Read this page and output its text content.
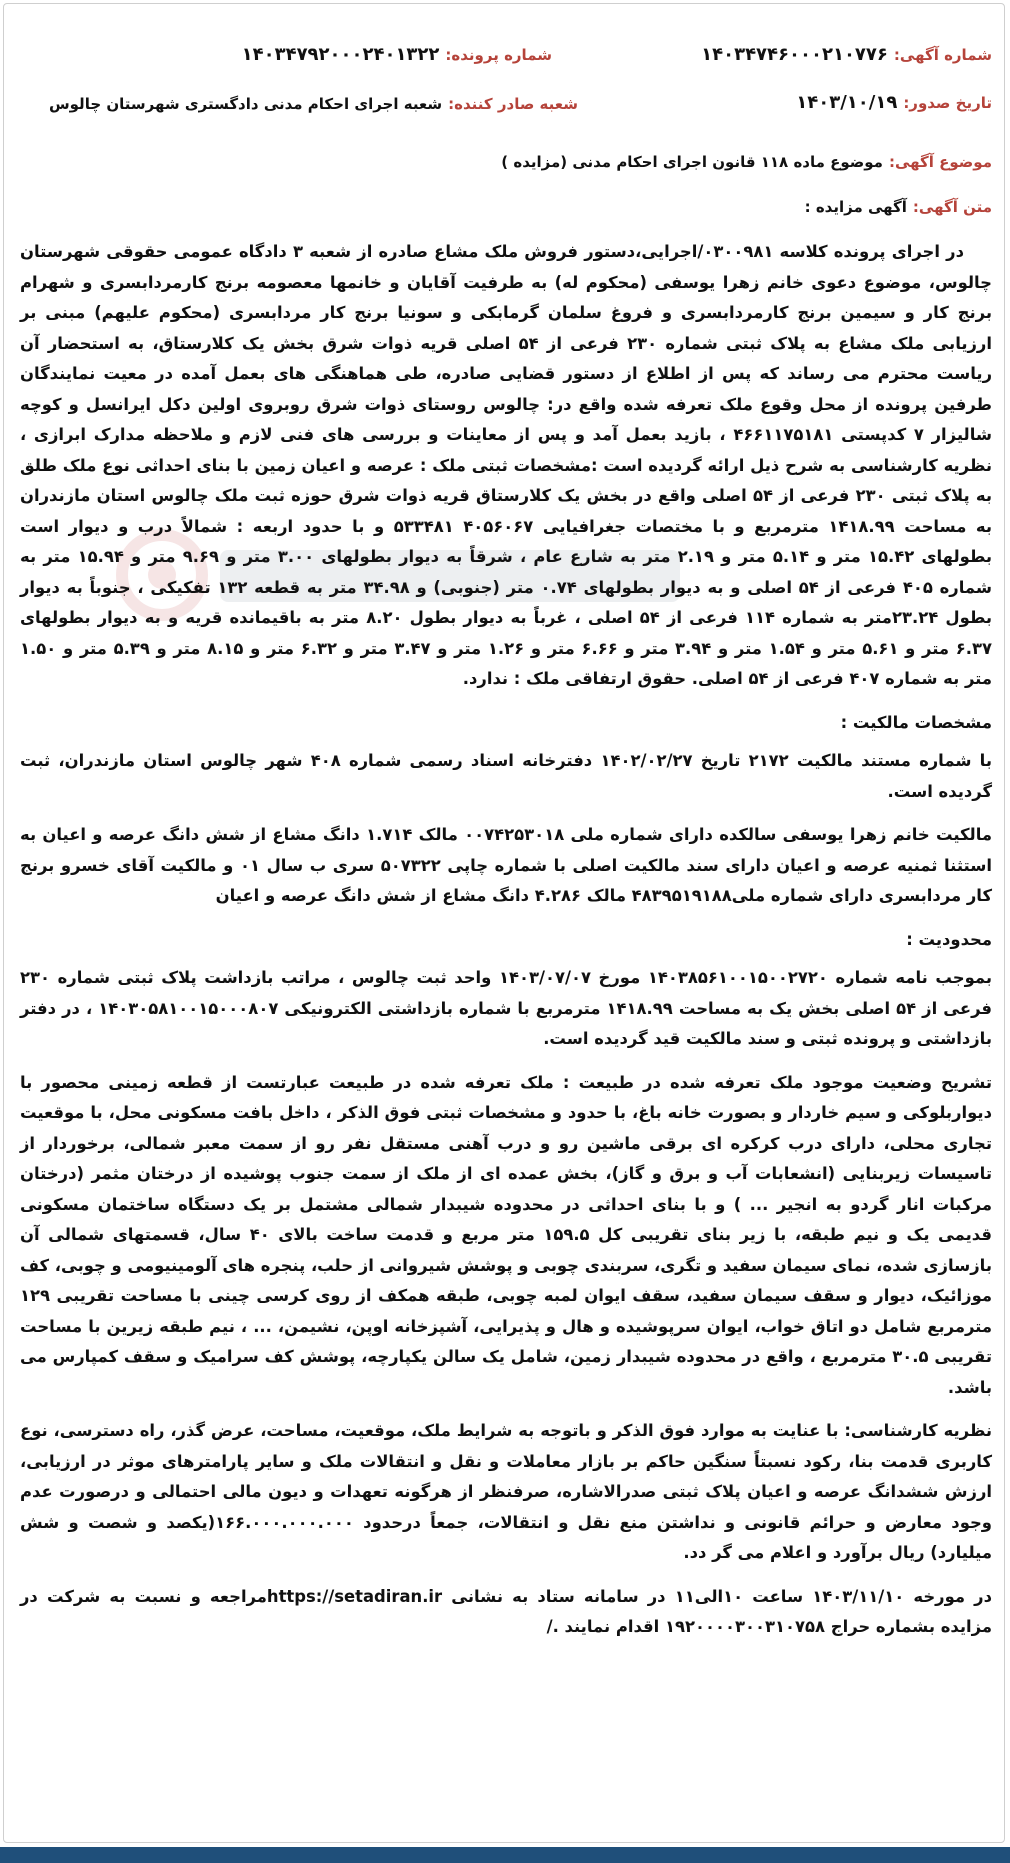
شماره آگهی:۱۴۰۳۴۷۴۶۰۰۰۲۱۰۷۷۶
شماره پرونده:۱۴۰۳۴۷۹۲۰۰۰۲۴۰۱۳۲۲
تاریخ صدور:۱۴۰۳/۱۰/۱۹
شعبه صادر کننده:شعبه اجرای احکام مدنی دادگستری شهرستان چالوس
موضوع آگهی:موضوع ماده ۱۱۸ قانون اجرای احکام مدنی (مزایده )
متن آگهی:آگهی مزایده :

در اجرای پرونده کلاسه ۰۳۰۰۹۸۱/اجرایی،دستور فروش ملک مشاع صادره از شعبه ۳ دادگاه عمومی حقوقی شهرستان چالوس، موضوع دعوی خانم زهرا یوسفی (محکوم له) به طرفیت آقایان و خانمها معصومه برنج کارمردابسری و شهرام برنج کار و سیمین برنج کارمردابسری و فروغ سلمان گرمابکی و سونیا برنج کار مردابسری (محکوم علیهم) مبنی بر ارزیابی ملک مشاع به پلاک ثبتی شماره ۲۳۰ فرعی از ۵۴ اصلی قریه ذوات شرق بخش یک کلارستاق، به استحضار آن ریاست محترم می رساند که پس از اطلاع از دستور قضایی صادره، طی هماهنگی های بعمل آمده در معیت نمایندگان طرفین پرونده از محل وقوع ملک تعرفه شده واقع در: چالوس روستای ذوات شرق روبروی اولین دکل ایرانسل و کوچه شالیزار ۷ کدپستی ۴۶۶۱۱۷۵۱۸۱ ، بازید بعمل آمد و پس از معاینات و بررسی های فنی لازم و ملاحظه مدارک ابرازی ، نظریه کارشناسی به شرح ذیل ارائه گردیده است :مشخصات ثبتی ملک : عرصه و اعیان زمین با بنای احداثی نوع ملک طلق به پلاک ثبتی ۲۳۰ فرعی از ۵۴ اصلی واقع در بخش یک کلارستاق قریه ذوات شرق حوزه ثبت ملک چالوس استان مازندران به مساحت ۱۴۱۸.۹۹ مترمربع و با مختصات جغرافیایی ۴۰۵۶۰۶۷ ۵۳۳۴۸۱ و با حدود اربعه : شمالاً درب و دیوار است بطولهای ۱۵.۴۲ متر و ۵.۱۴ متر و ۲.۱۹ متر به شارع عام ، شرقاً به دیوار بطولهای ۳.۰۰ متر و ۹.۶۹ متر و ۱۵.۹۴ متر به شماره ۴۰۵ فرعی از ۵۴ اصلی و به دیوار بطولهای ۰.۷۴ متر (جنوبی) و ۳۴.۹۸ متر به قطعه ۱۳۲ تفکیکی ، جنوباً به دیوار بطول ۲۳.۲۴متر به شماره ۱۱۴ فرعی از ۵۴ اصلی ، غرباً به دیوار بطول ۸.۲۰ متر به باقیمانده قریه و به دیوار بطولهای ۶.۳۷ متر و ۵.۶۱ متر و ۱.۵۴ متر و ۳.۹۴ متر و ۶.۶۶ متر و ۱.۲۶ متر و ۳.۴۷ متر و ۶.۳۲ متر و ۸.۱۵ متر و ۵.۳۹ متر و ۱.۵۰ متر به شماره ۴۰۷ فرعی از ۵۴ اصلی. حقوق ارتفاقی ملک : ندارد.

مشخصات مالکیت :

با شماره مستند مالکیت ۲۱۷۲ تاریخ ۱۴۰۲/۰۲/۲۷ دفترخانه اسناد رسمی شماره ۴۰۸ شهر چالوس استان مازندران، ثبت گردیده است.

مالکیت خانم زهرا یوسفی سالکده دارای شماره ملی ۰۰۷۴۲۵۳۰۱۸ مالک ۱.۷۱۴ دانگ مشاع از شش دانگ عرصه و اعیان به استثنا ثمنیه عرصه و اعیان دارای سند مالکیت اصلی با شماره چاپی ۵۰۷۳۲۲ سری ب سال ۰۱ و مالکیت آقای خسرو برنج کار مردابسری دارای شماره ملی۴۸۳۹۵۱۹۱۸۸ مالک ۴.۲۸۶ دانگ مشاع از شش دانگ عرصه و اعیان

محدودیت :

بموجب نامه شماره ۱۴۰۳۸۵۶۱۰۰۱۵۰۰۲۷۲۰ مورخ ۱۴۰۳/۰۷/۰۷ واحد ثبت چالوس ، مراتب بازداشت پلاک ثبتی شماره ۲۳۰ فرعی از ۵۴ اصلی بخش یک به مساحت ۱۴۱۸.۹۹ مترمربع با شماره بازداشتی الکترونیکی ۱۴۰۳۰۵۸۱۰۰۱۵۰۰۰۸۰۷ ، در دفتر بازداشتی و پرونده ثبتی و سند مالکیت قید گردیده است.

تشریح وضعیت موجود ملک تعرفه شده در طبیعت : ملک تعرفه شده در طبیعت عبارتست از قطعه زمینی محصور با دیواربلوکی و سیم خاردار و بصورت خانه باغ، با حدود و مشخصات ثبتی فوق الذکر ، داخل بافت مسکونی محل، با موقعیت تجاری محلی، دارای درب کرکره ای برقی ماشین رو و درب آهنی مستقل نفر رو از سمت معبر شمالی، برخوردار از تاسیسات زیربنایی (انشعابات آب و برق و گاز)، بخش عمده ای از ملک از سمت جنوب پوشیده از درختان مثمر (درختان مرکبات انار گردو به انجیر ... ) و با بنای احداثی در محدوده شیبدار شمالی مشتمل بر یک دستگاه ساختمان مسکونی قدیمی یک و نیم طبقه، با زیر بنای تقریبی کل ۱۵۹.۵ متر مربع و قدمت ساخت بالای ۴۰ سال، قسمتهای شمالی آن بازسازی شده، نمای سیمان سفید و تگری، سربندی چوبی و پوشش شیروانی از حلب، پنجره های آلومینیومی و چوبی، کف موزائیک، دیوار و سقف سیمان سفید، سقف ایوان لمبه چوبی، طبقه همکف از روی کرسی چینی با مساحت تقریبی ۱۲۹ مترمربع شامل دو اتاق خواب، ایوان سرپوشیده و هال و پذیرایی، آشپزخانه اوپن، نشیمن، ... ، نیم طبقه زیرین با مساحت تقریبی ۳۰.۵ مترمربع ، واقع در محدوده شیبدار زمین، شامل یک سالن یکپارچه، پوشش کف سرامیک و سقف کمپارس می باشد.

نظریه کارشناسی: با عنایت به موارد فوق الذکر و باتوجه به شرایط ملک، موقعیت، مساحت، عرض گذر، راه دسترسی، نوع کاربری قدمت بنا، رکود نسبتاً سنگین حاکم بر بازار معاملات و نقل و انتقالات ملک و سایر پارامترهای موثر در ارزیابی، ارزش ششدانگ عرصه و اعیان پلاک ثبتی صدرالاشاره، صرفنظر از هرگونه تعهدات و دیون مالی احتمالی و درصورت عدم وجود معارض و حرائم قانونی و نداشتن منع نقل و انتقالات، جمعاً درحدود ۱۶۶.۰۰۰.۰۰۰.۰۰۰(یکصد و شصت و شش میلیارد) ریال برآورد و اعلام می گر دد.

در مورخه ۱۴۰۳/۱۱/۱۰ ساعت ۱۰الی۱۱ در سامانه ستاد به نشانی https://setadiran.irمراجعه و نسبت به شرکت در مزایده بشماره حراج ۱۹۲۰۰۰۰۳۰۰۳۱۰۷۵۸ اقدام نمایند ./
